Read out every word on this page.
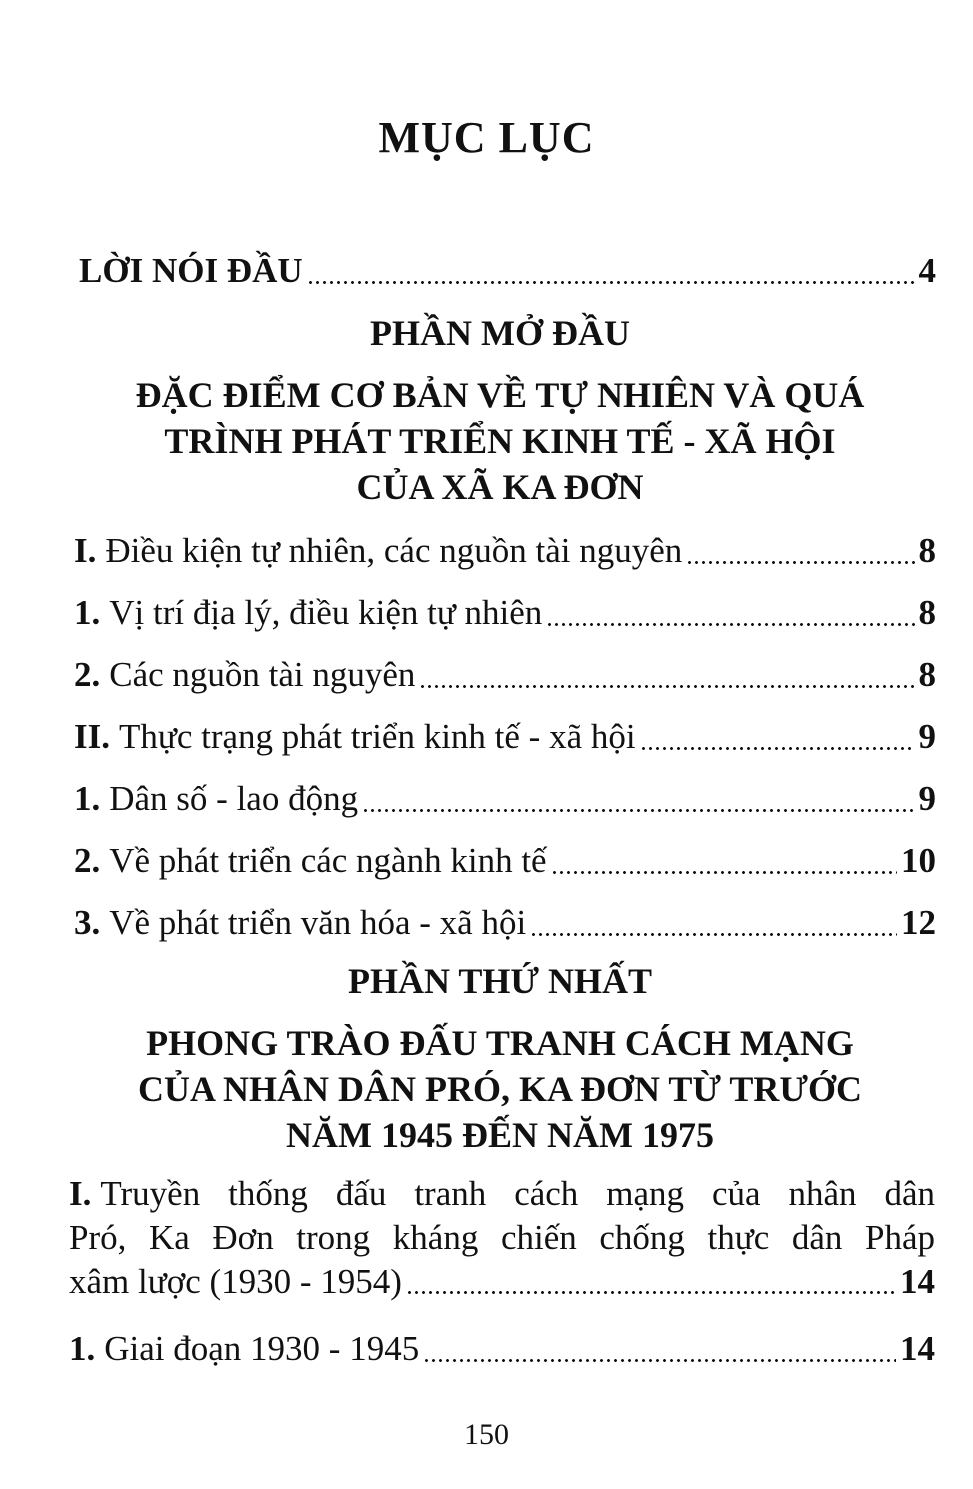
MỤC LỤC
LỜI NÓI ĐẦU	4
PHẦN MỞ ĐẦU
ĐẶC ĐIỂM CƠ BẢN VỀ TỰ NHIÊN VÀ QUÁ
TRÌNH PHÁT TRIỂN KINH TẾ - XÃ HỘI
CỦA XÃ KA ĐƠN
I. Điều kiện tự nhiên, các nguồn tài nguyên	8
1. Vị trí địa lý, điều kiện tự nhiên	8
2. Các nguồn tài nguyên	8
II. Thực trạng phát triển kinh tế - xã hội	9
1. Dân số - lao động	9
2. Về phát triển các ngành kinh tế	10
3. Về phát triển văn hóa - xã hội	12
PHẦN THỨ NHẤT
PHONG TRÀO ĐẤU TRANH CÁCH MẠNG
CỦA NHÂN DÂN PRÓ, KA ĐƠN TỪ TRƯỚC
NĂM 1945 ĐẾN NĂM 1975
I. Truyền thống đấu tranh cách mạng của nhân dân
Pró, Ka Đơn trong kháng chiến chống thực dân Pháp
xâm lược (1930 - 1954)	14
1. Giai đoạn 1930 - 1945	14
150
